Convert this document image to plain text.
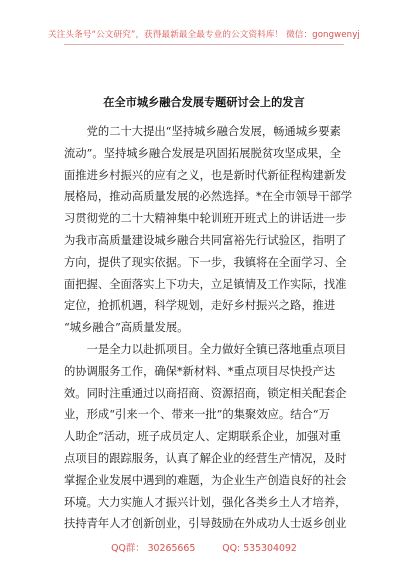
关注头条号“公文研究”，获得最新最全最专业的公文资料库！ 微信：gongwenyj
在全市城乡融合发展专题研讨会上的发言
　　党的二十大提出“坚持城乡融合发展，畅通城乡要素
流动”。坚持城乡融合发展是巩固拓展脱贫攻坚成果，全
面推进乡村振兴的应有之义，也是新时代新征程构建新发
展格局，推动高质量发展的必然选择。*在全市领导干部学
习贯彻党的二十大精神集中轮训班开班式上的讲话进一步
为我市高质量建设城乡融合共同富裕先行试验区，指明了
方向，提供了现实依据。下一步，我镇将在全面学习、全
面把握、全面落实上下功夫，立足镇情及工作实际，找准
定位，抢抓机遇，科学规划，走好乡村振兴之路，推进
“城乡融合”高质量发展。
　　一是全力以赴抓项目。全力做好全镇已落地重点项目
的协调服务工作，确保*新材料、*重点项目尽快投产达
效。同时注重通过以商招商、资源招商，锁定相关配套企
业，形成“引来一个、带来一批”的集聚效应。结合“万
人助企”活动，班子成员定人、定期联系企业，加强对重
点项目的跟踪服务，认真了解企业的经营生产情况，及时
掌握企业发展中遇到的难题，为企业生产创造良好的社会
环境。大力实施人才振兴计划，强化各类乡土人才培养，
扶持青年人才创新创业，引导鼓励在外成功人士返乡创业
QQ群： 30265665	QQ: 535304092
